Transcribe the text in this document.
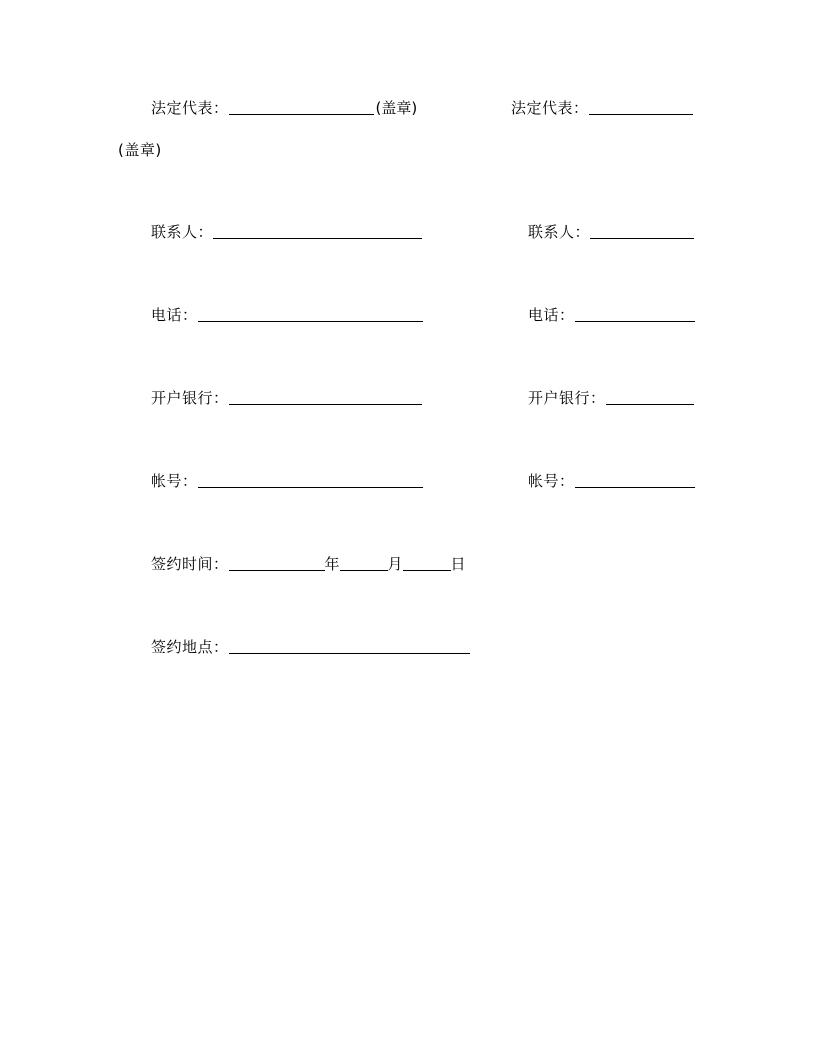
法定代表：	(盖章)	法定代表：
(盖章)
联系人：	联系人：
电话：	电话：
开户银行：	开户银行：
帐号：	帐号：
签约时间：	年	月	日
签约地点：
